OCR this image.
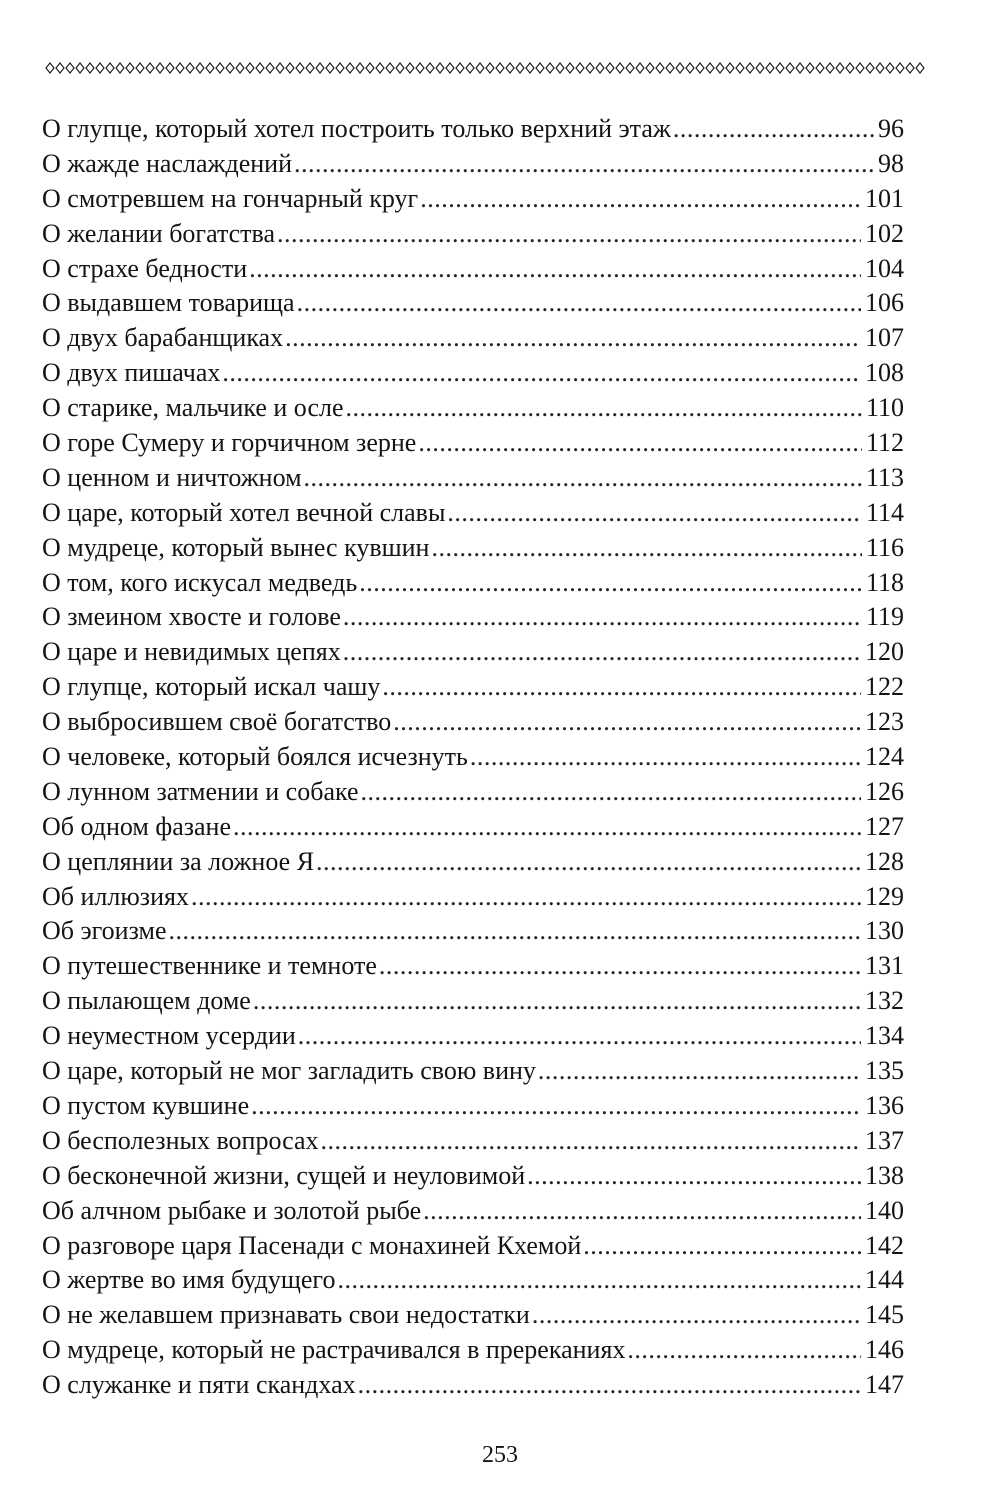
О глупце, который хотел построить только верхний этаж .....	96
О жажде наслаждений .....	98
О смотревшем на гончарный круг .....	101
О желании богатства .....	102
О страхе бедности .....	104
О выдавшем товарища .....	106
О двух барабанщиках .....	107
О двух пишачах .....	108
О старике, мальчике и осле .....	110
О горе Сумеру и горчичном зерне .....	112
О ценном и ничтожном .....	113
О царе, который хотел вечной славы .....	114
О мудреце, который вынес кувшин .....	116
О том, кого искусал медведь .....	118
О змеином хвосте и голове .....	119
О царе и невидимых цепях .....	120
О глупце, который искал чашу .....	122
О выбросившем своё богатство .....	123
О человеке, который боялся исчезнуть .....	124
О лунном затмении и собаке .....	126
Об одном фазане .....	127
О цеплянии за ложное Я .....	128
Об иллюзиях .....	129
Об эгоизме .....	130
О путешественнике и темноте .....	131
О пылающем доме .....	132
О неуместном усердии .....	134
О царе, который не мог загладить свою вину .....	135
О пустом кувшине .....	136
О бесполезных вопросах .....	137
О бесконечной жизни, сущей и неуловимой .....	138
Об алчном рыбаке и золотой рыбе .....	140
О разговоре царя Пасенади с монахиней Кхемой .....	142
О жертве во имя будущего .....	144
О не желавшем признавать свои недостатки .....	145
О мудреце, который не растрачивался в пререканиях .....	146
О служанке и пяти скандхах .....	147
253
